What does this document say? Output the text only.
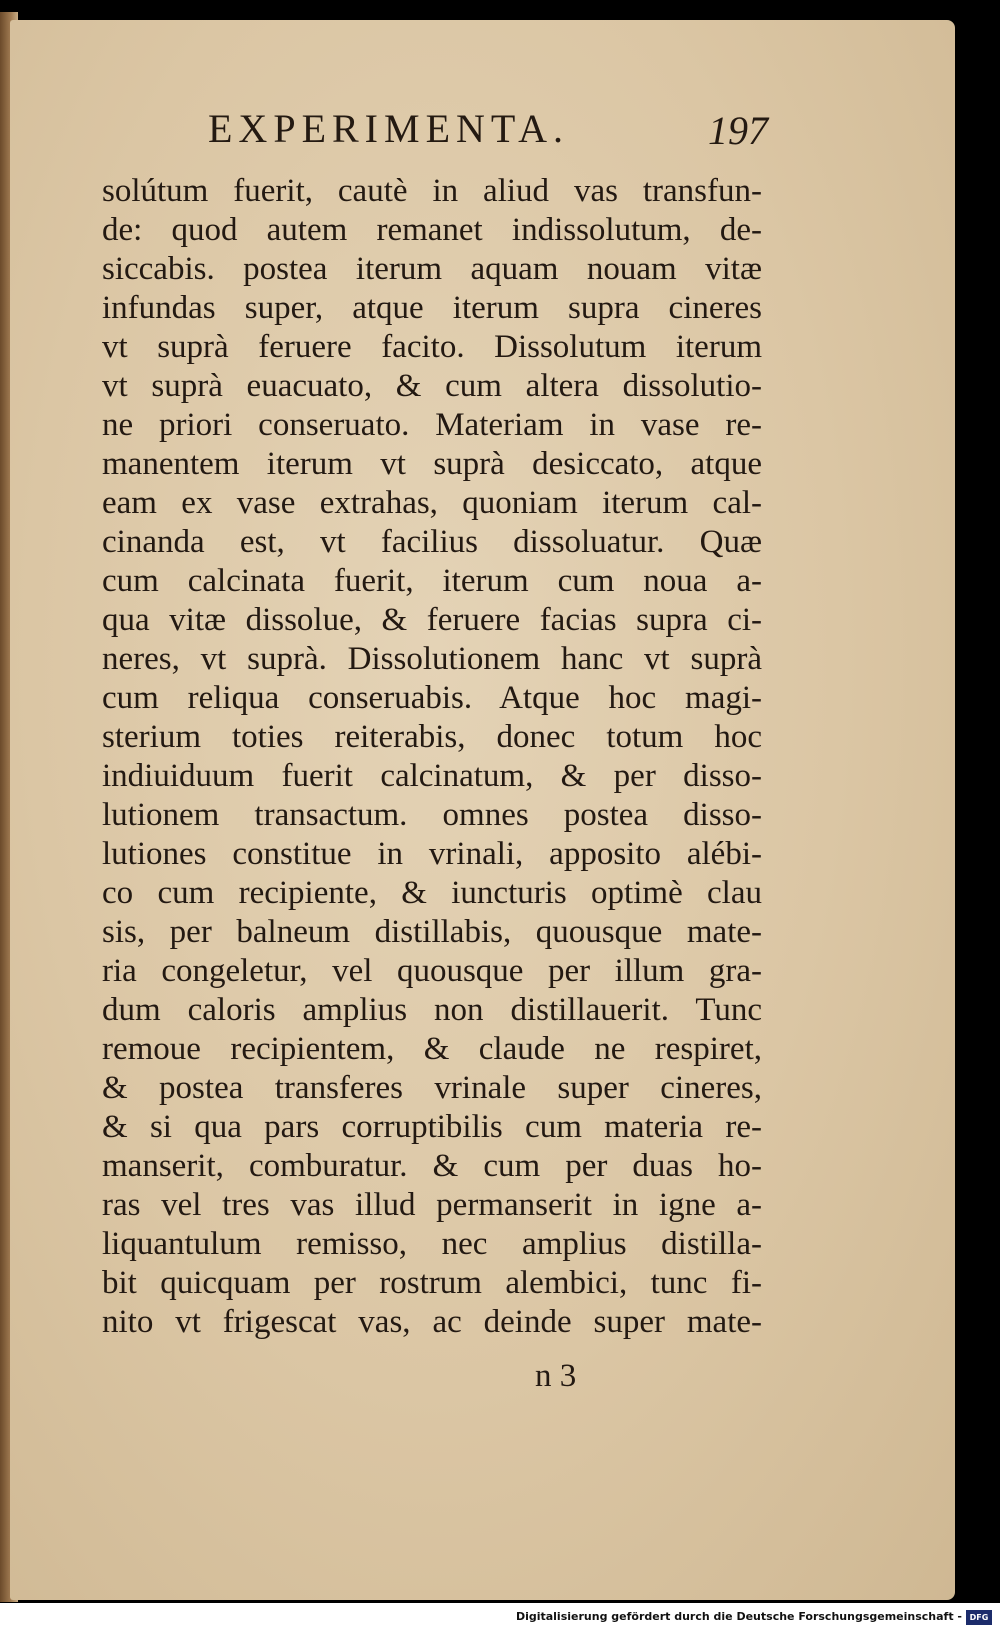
EXPERIMENTA.	197
solútum fuerit, cautè in aliud vas transfun-
de: quod autem remanet indissolutum, de-
siccabis. postea iterum aquam nouam vitæ
infundas super, atque iterum supra cineres
vt suprà feruere facito. Dissolutum iterum
vt suprà euacuato, & cum altera dissolutio-
ne priori conseruato. Materiam in vase re-
manentem iterum vt suprà desiccato, atque
eam ex vase extrahas, quoniam iterum cal-
cinanda est, vt facilius dissoluatur. Quæ
cum calcinata fuerit, iterum cum noua a-
qua vitæ dissolue, & feruere facias supra ci-
neres, vt suprà. Dissolutionem hanc vt suprà
cum reliqua conseruabis. Atque hoc magi-
sterium toties reiterabis, donec totum hoc
indiuiduum fuerit calcinatum, & per disso-
lutionem transactum. omnes postea disso-
lutiones constitue in vrinali, apposito alébi-
co cum recipiente, & iuncturis optimè clau
sis, per balneum distillabis, quousque mate-
ria congeletur, vel quousque per illum gra-
dum caloris amplius non distillauerit. Tunc
remoue recipientem, & claude ne respiret,
& postea transferes vrinale super cineres,
& si qua pars corruptibilis cum materia re-
manserit, comburatur. & cum per duas ho-
ras vel tres vas illud permanserit in igne a-
liquantulum remisso, nec amplius distilla-
bit quicquam per rostrum alembici, tunc fi-
nito vt frigescat vas, ac deinde super mate-
n 3
Digitalisierung gefördert durch die Deutsche Forschungsgemeinschaft - DFG
